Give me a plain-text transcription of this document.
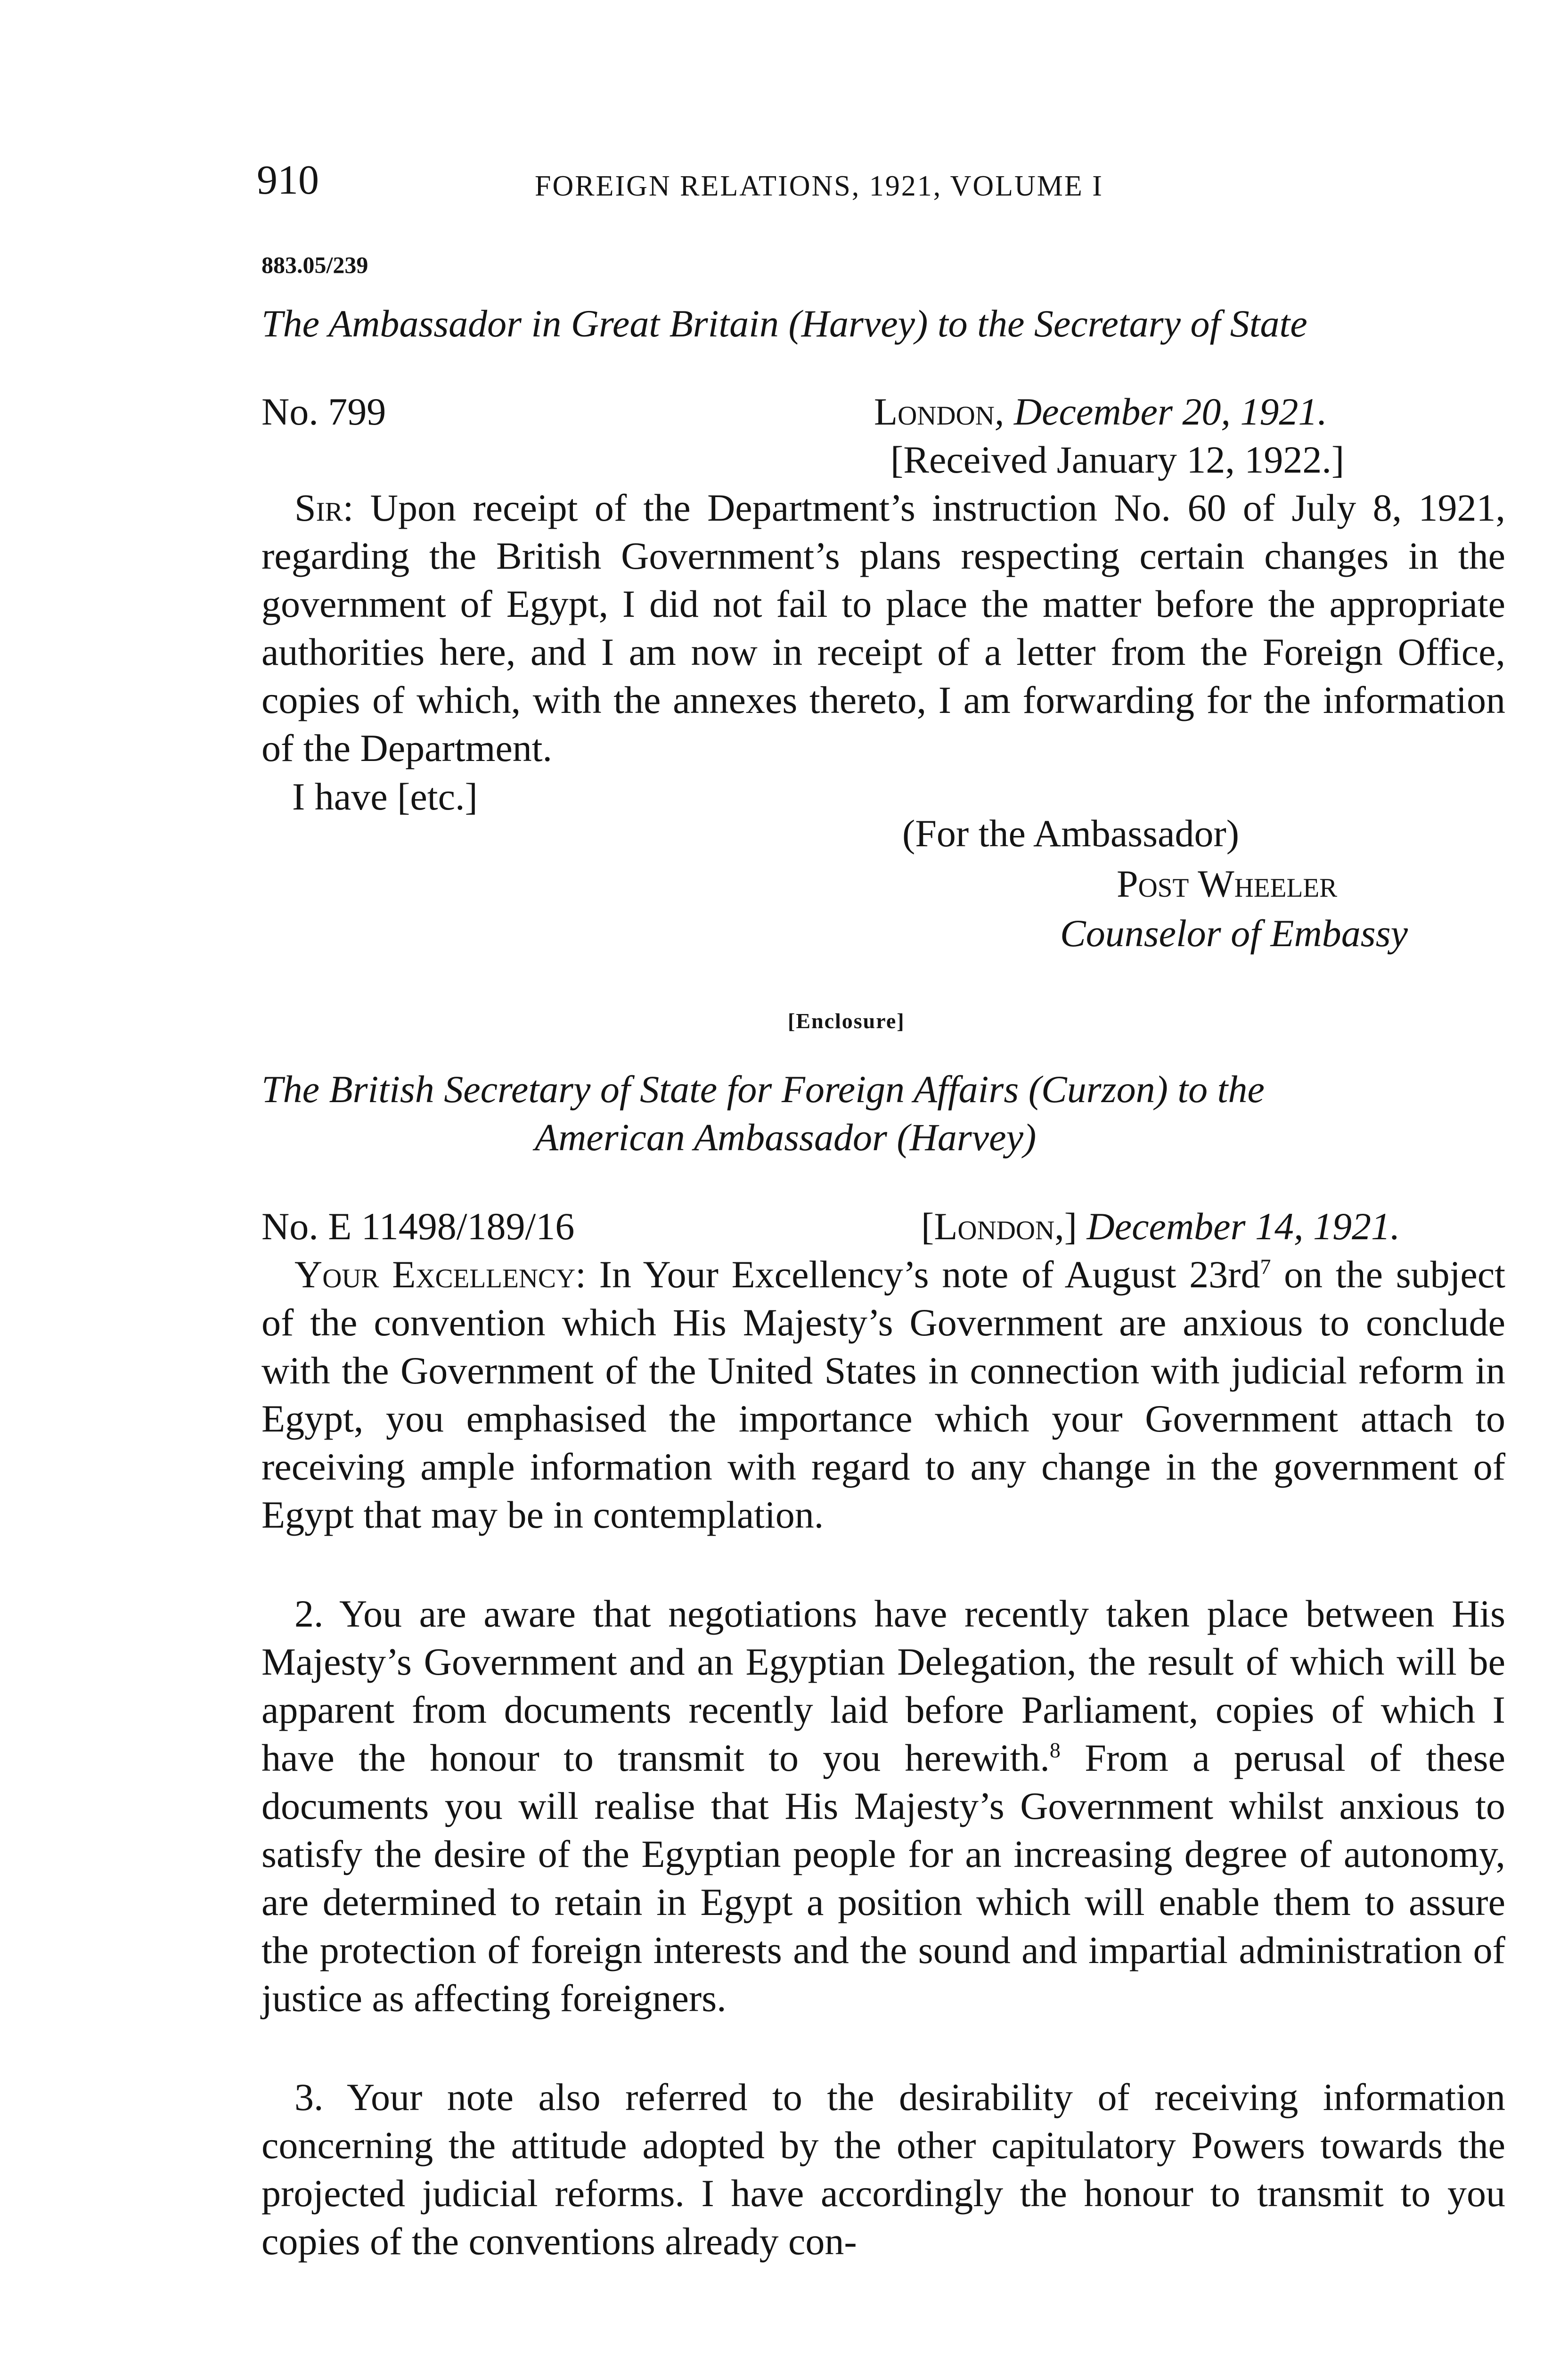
910	FOREIGN RELATIONS, 1921, VOLUME I
883.05/239
The Ambassador in Great Britain (Harvey) to the Secretary of State
No. 799	London, December 20, 1921.
[Received January 12, 1922.]
Sir: Upon receipt of the Department’s instruction No. 60 of July 8, 1921, regarding the British Government’s plans respecting certain changes in the government of Egypt, I did not fail to place the matter before the appropriate authorities here, and I am now in receipt of a letter from the Foreign Office, copies of which, with the annexes thereto, I am forwarding for the information of the Department.
I have [etc.]
(For the Ambassador)
Post Wheeler
Counselor of Embassy
[Enclosure]
The British Secretary of State for Foreign Affairs (Curzon) to the
American Ambassador (Harvey)
No. E 11498/189/16	[London,] December 14, 1921.
Your Excellency: In Your Excellency’s note of August $23rd^7$ on the subject of the convention which His Majesty’s Government are anxious to conclude with the Government of the United States in connection with judicial reform in Egypt, you emphasised the importance which your Government attach to receiving ample information with regard to any change in the government of Egypt that may be in contemplation.
2. You are aware that negotiations have recently taken place between His Majesty’s Government and an Egyptian Delegation, the result of which will be apparent from documents recently laid before Parliament, copies of which I have the honour to transmit to you herewith.$^8$ From a perusal of these documents you will realise that His Majesty’s Government whilst anxious to satisfy the desire of the Egyptian people for an increasing degree of autonomy, are determined to retain in Egypt a position which will enable them to assure the protection of foreign interests and the sound and impartial administration of justice as affecting foreigners.
3. Your note also referred to the desirability of receiving information concerning the attitude adopted by the other capitulatory Powers towards the projected judicial reforms. I have accordingly the honour to transmit to you copies of the conventions already con-
